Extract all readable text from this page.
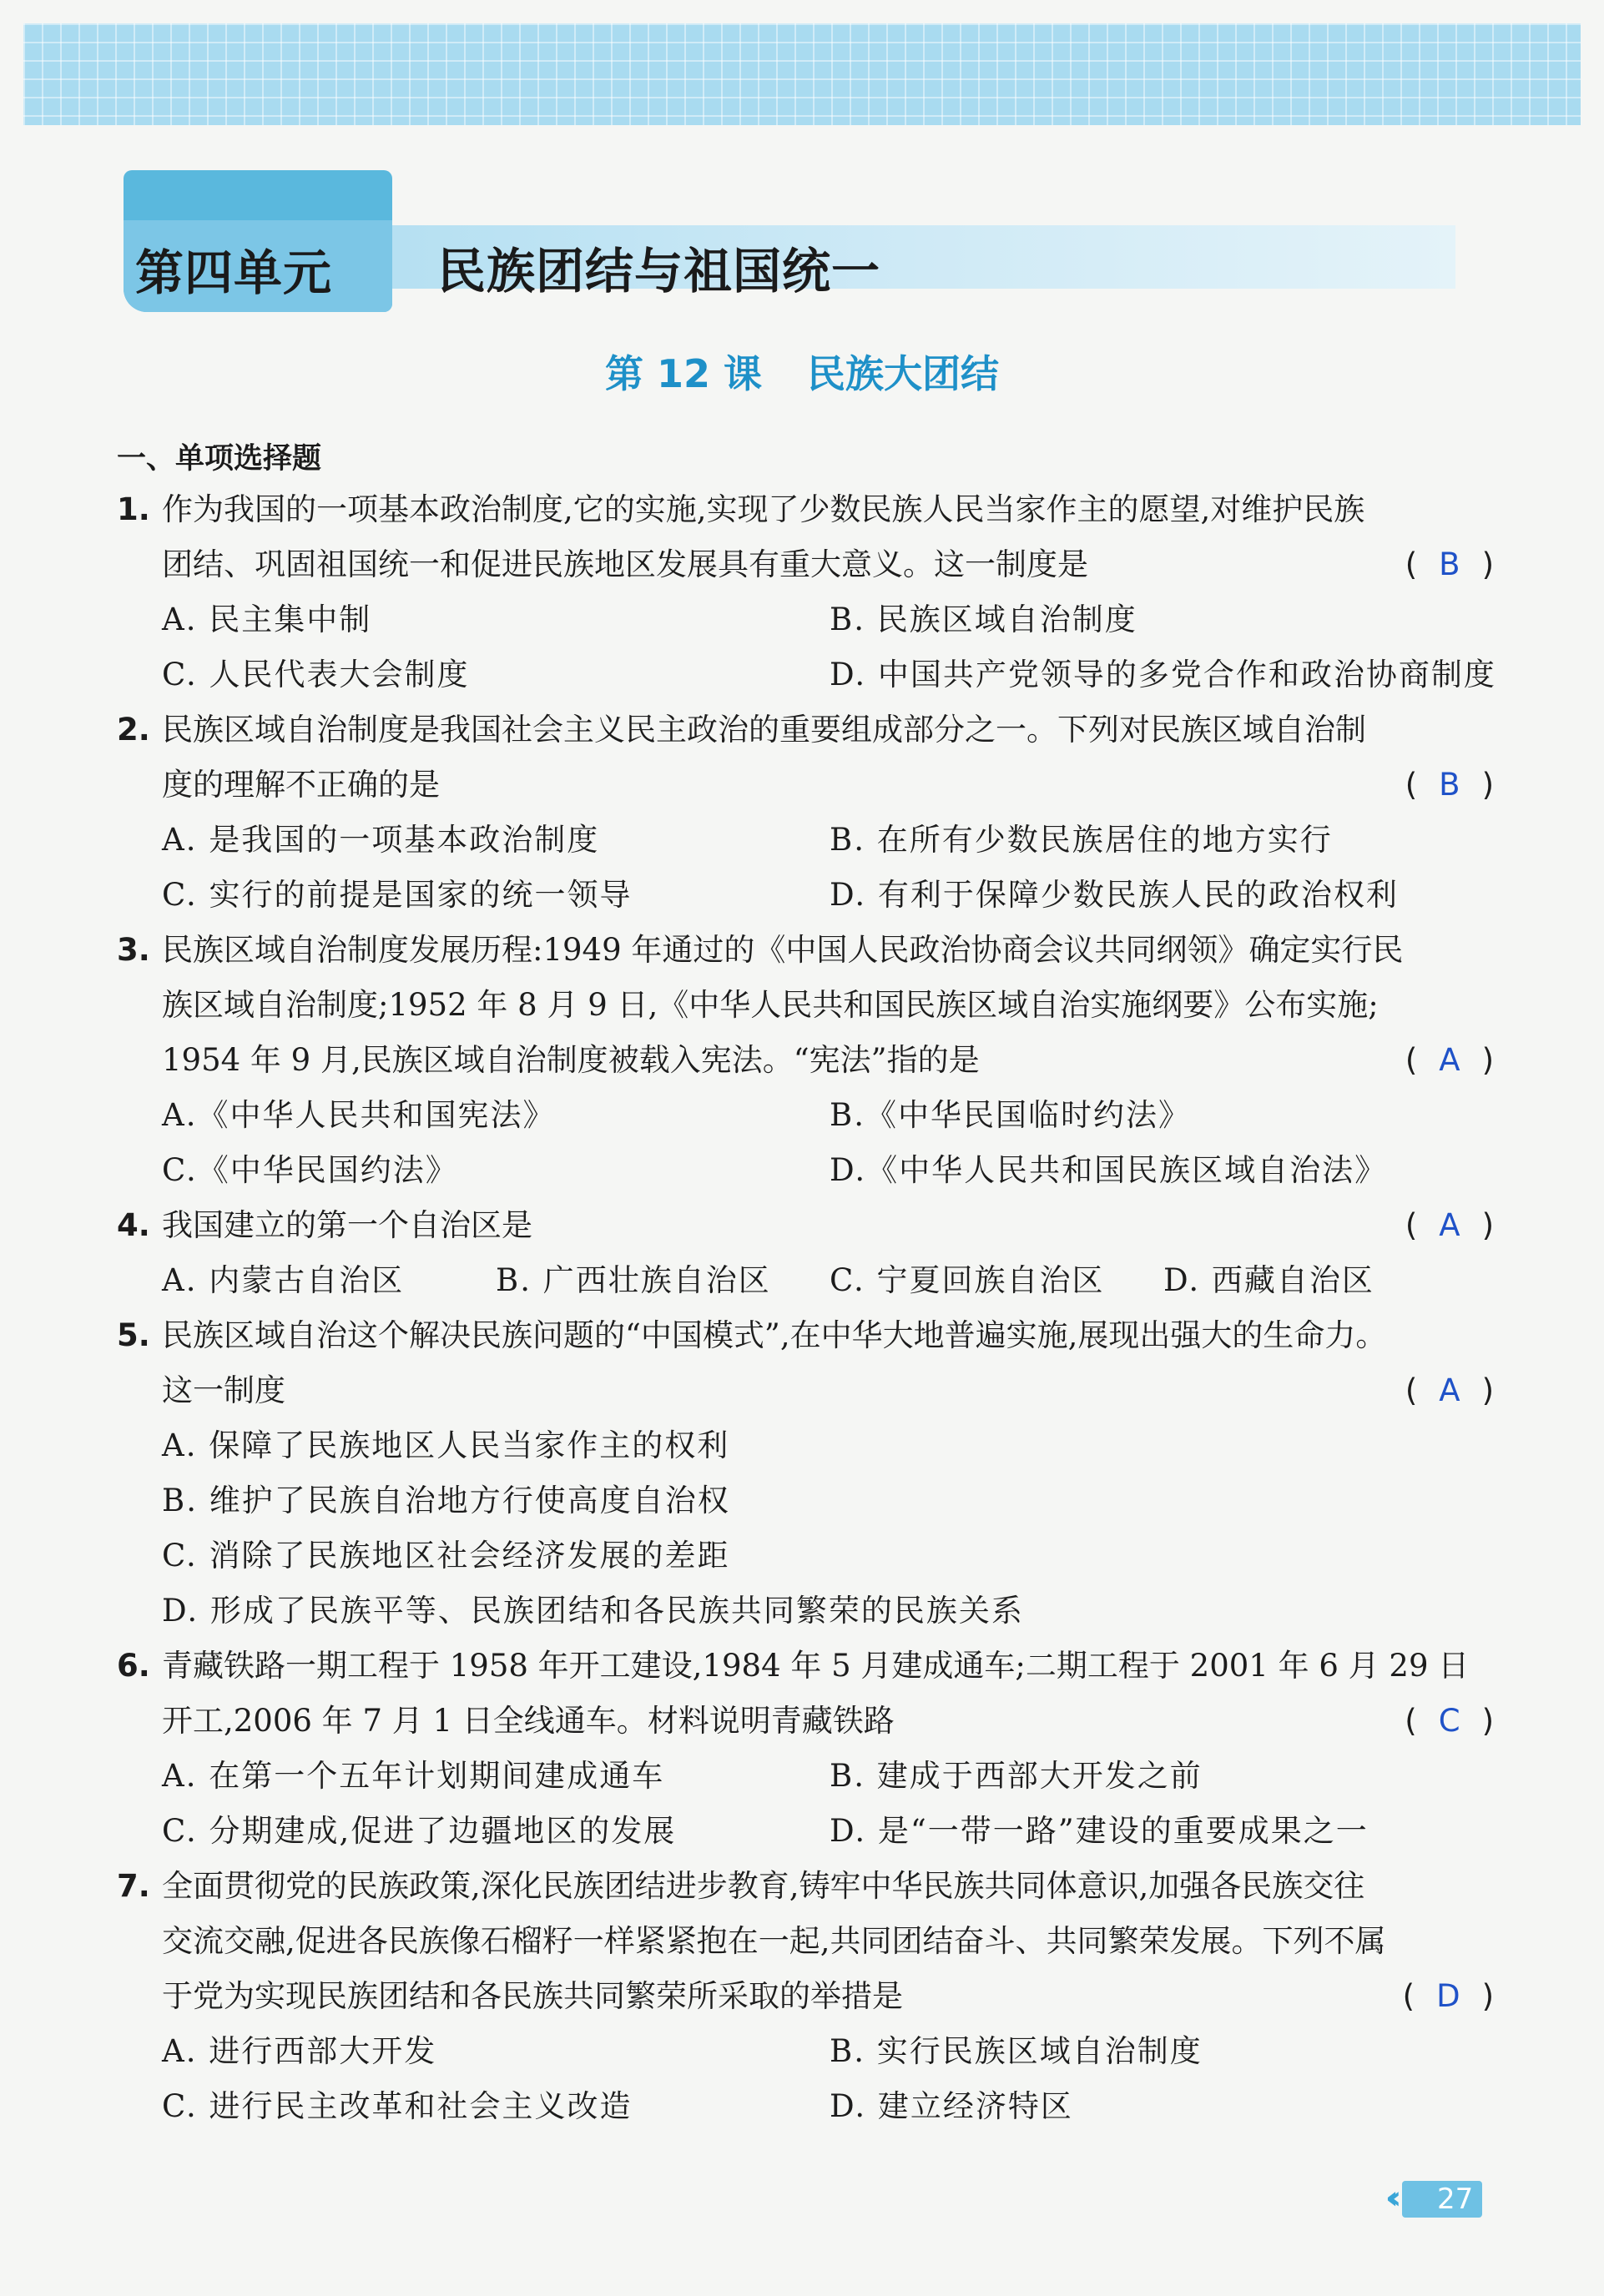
第四单元	民族团结与祖国统一
第 12 课 民族大团结
一、单项选择题
1. 作为我国的一项基本政治制度,它的实施,实现了少数民族人民当家作主的愿望,对维护民族
团结、巩固祖国统一和促进民族地区发展具有重大意义。这一制度是	( B )
A. 民主集中制	B. 民族区域自治制度
C. 人民代表大会制度	D. 中国共产党领导的多党合作和政治协商制度
2. 民族区域自治制度是我国社会主义民主政治的重要组成部分之一。下列对民族区域自治制
度的理解不正确的是	( B )
A. 是我国的一项基本政治制度	B. 在所有少数民族居住的地方实行
C. 实行的前提是国家的统一领导	D. 有利于保障少数民族人民的政治权利
3. 民族区域自治制度发展历程:1949 年通过的《中国人民政治协商会议共同纲领》确定实行民
族区域自治制度;1952 年 8 月 9 日,《中华人民共和国民族区域自治实施纲要》公布实施;
1954 年 9 月,民族区域自治制度被载入宪法。“宪法”指的是	( A )
A.《中华人民共和国宪法》	B.《中华民国临时约法》
C.《中华民国约法》	D.《中华人民共和国民族区域自治法》
4. 我国建立的第一个自治区是	( A )
A. 内蒙古自治区	B. 广西壮族自治区 C. 宁夏回族自治区 D. 西藏自治区
5. 民族区域自治这个解决民族问题的“中国模式”,在中华大地普遍实施,展现出强大的生命力。
这一制度	( A )
A. 保障了民族地区人民当家作主的权利
B. 维护了民族自治地方行使高度自治权
C. 消除了民族地区社会经济发展的差距
D. 形成了民族平等、民族团结和各民族共同繁荣的民族关系
6. 青藏铁路一期工程于 1958 年开工建设,1984 年 5 月建成通车;二期工程于 2001 年 6 月 29 日
开工,2006 年 7 月 1 日全线通车。材料说明青藏铁路	( C )
A. 在第一个五年计划期间建成通车	B. 建成于西部大开发之前
C. 分期建成,促进了边疆地区的发展	D. 是“一带一路”建设的重要成果之一
7. 全面贯彻党的民族政策,深化民族团结进步教育,铸牢中华民族共同体意识,加强各民族交往
交流交融,促进各民族像石榴籽一样紧紧抱在一起,共同团结奋斗、共同繁荣发展。下列不属
于党为实现民族团结和各民族共同繁荣所采取的举措是	( D )
A. 进行西部大开发	B. 实行民族区域自治制度
C. 进行民主改革和社会主义改造	D. 建立经济特区
‹‹ 27
